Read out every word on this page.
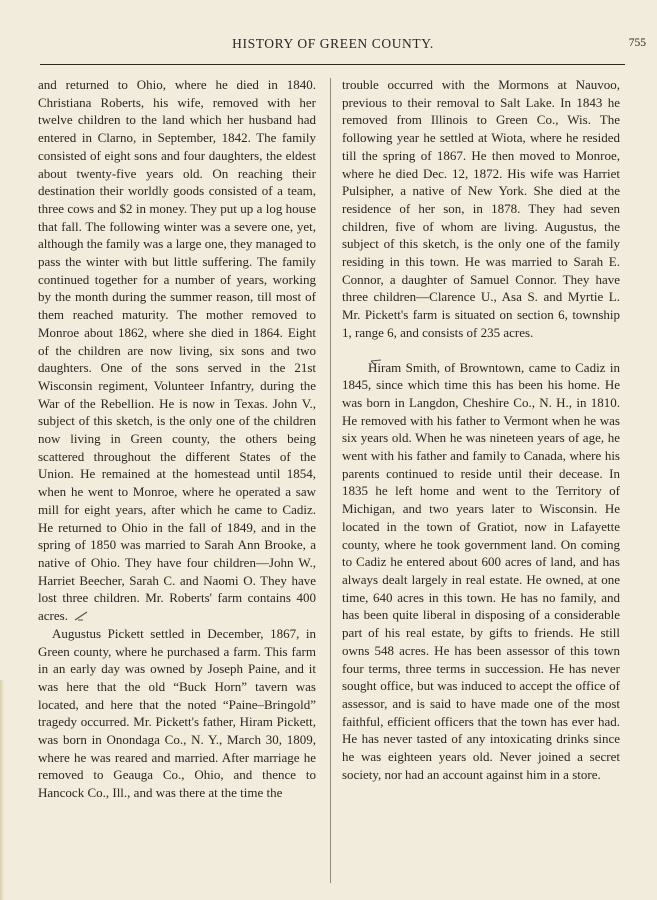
HISTORY OF GREEN COUNTY.	755

and returned to Ohio, where he died in 1840. Christiana Roberts, his wife, removed with her twelve children to the land which her husband had entered in Clarno, in September, 1842. The family consisted of eight sons and four daughters, the eldest about twenty-five years old. On reaching their destination their worldly goods consisted of a team, three cows and $2 in money. They put up a log house that fall. The following winter was a severe one, yet, although the family was a large one, they managed to pass the winter with but little suffering. The family continued together for a number of years, working by the month during the summer reason, till most of them reached maturity. The mother removed to Monroe about 1862, where she died in 1864. Eight of the children are now living, six sons and two daughters. One of the sons served in the 21st Wisconsin regiment, Volunteer Infantry, during the War of the Rebellion. He is now in Texas. John V., subject of this sketch, is the only one of the children now living in Green county, the others being scattered throughout the different States of the Union. He remained at the homestead until 1854, when he went to Monroe, where he operated a saw mill for eight years, after which he came to Cadiz. He returned to Ohio in the fall of 1849, and in the spring of 1850 was married to Sarah Ann Brooke, a native of Ohio. They have four children—John W., Harriet Beecher, Sarah C. and Naomi O. They have lost three children. Mr. Roberts' farm contains 400 acres.

Augustus Pickett settled in December, 1867, in Green county, where he purchased a farm. This farm in an early day was owned by Joseph Paine, and it was here that the old “Buck Horn” tavern was located, and here that the noted “Paine–Bringold” tragedy occurred. Mr. Pickett's father, Hiram Pickett, was born in Onondaga Co., N. Y., March 30, 1809, where he was reared and married. After marriage he removed to Geauga Co., Ohio, and thence to Hancock Co., Ill., and was there at the time the

trouble occurred with the Mormons at Nauvoo, previous to their removal to Salt Lake. In 1843 he removed from Illinois to Green Co., Wis. The following year he settled at Wiota, where he resided till the spring of 1867. He then moved to Monroe, where he died Dec. 12, 1872. His wife was Harriet Pulsipher, a native of New York. She died at the residence of her son, in 1878. They had seven children, five of whom are living. Augustus, the subject of this sketch, is the only one of the family residing in this town. He was married to Sarah E. Connor, a daughter of Samuel Connor. They have three children—Clarence U., Asa S. and Myrtie L. Mr. Pickett's farm is situated on section 6, township 1, range 6, and consists of 235 acres.

Hiram Smith, of Browntown, came to Cadiz in 1845, since which time this has been his home. He was born in Langdon, Cheshire Co., N. H., in 1810. He removed with his father to Vermont when he was six years old. When he was nineteen years of age, he went with his father and family to Canada, where his parents continued to reside until their decease. In 1835 he left home and went to the Territory of Michigan, and two years later to Wisconsin. He located in the town of Gratiot, now in Lafayette county, where he took government land. On coming to Cadiz he entered about 600 acres of land, and has always dealt largely in real estate. He owned, at one time, 640 acres in this town. He has no family, and has been quite liberal in disposing of a considerable part of his real estate, by gifts to friends. He still owns 548 acres. He has been assessor of this town four terms, three terms in succession. He has never sought office, but was induced to accept the office of assessor, and is said to have made one of the most faithful, efficient officers that the town has ever had. He has never tasted of any intoxicating drinks since he was eighteen years old. Never joined a secret society, nor had an account against him in a store.
